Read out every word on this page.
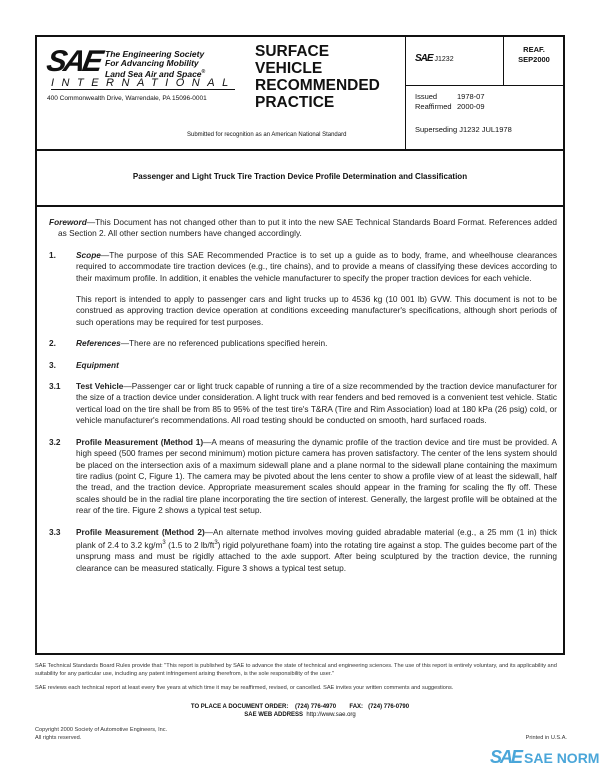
SAE The Engineering Society
For Advancing Mobility
Land Sea Air and Space®
INTERNATIONAL
400 Commonwealth Drive, Warrendale, PA 15096-0001
SURFACE
VEHICLE
RECOMMENDED
PRACTICE
Submitted for recognition as an American National Standard
SAE J1232
REAF.
SEP2000
Issued	1978-07
Reaffirmed 2000-09
Superseding J1232 JUL1978
Passenger and Light Truck Tire Traction Device Profile Determination and Classification

Foreword—This Document has not changed other than to put it into the new SAE Technical Standards Board Format. References added as Section 2. All other section numbers have changed accordingly.

1.	Scope—The purpose of this SAE Recommended Practice is to set up a guide as to body, frame, and wheelhouse clearances required to accommodate tire traction devices (e.g., tire chains), and to provide a means of classifying these devices according to their maximum profile. In addition, it enables the vehicle manufacturer to specify the proper traction devices for each vehicle.

This report is intended to apply to passenger cars and light trucks up to 4536 kg (10 001 lb) GVW. This document is not to be construed as approving traction device operation at conditions exceeding manufacturer's specifications, although short periods of such operations may be required for test purposes.

2.	References—There are no referenced publications specified herein.
3.	Equipment
3.1	Test Vehicle—Passenger car or light truck capable of running a tire of a size recommended by the traction device manufacturer for the size of a traction device under consideration. A light truck with rear fenders and bed removed is a convenient test vehicle. Static vertical load on the tire shall be from 85 to 95% of the test tire's T&RA (Tire and Rim Association) load at 180 kPa (26 psig) cold, or vehicle manufacturer's recommendations. All road testing should be conducted on smooth, hard surfaced roads.
3.2	Profile Measurement (Method 1)—A means of measuring the dynamic profile of the traction device and tire must be provided. A high speed (500 frames per second minimum) motion picture camera has proven satisfactory. The center of the lens system should be placed on the intersection axis of a maximum sidewall plane and a plane normal to the sidewall plane containing the maximum tire radius (point C, Figure 1). The camera may be pivoted about the lens center to show a profile view of at least the sidewall, half the tread, and the traction device. Appropriate measurement scales should appear in the framing for scaling the fly off. These scales should be in the radial tire plane incorporating the tire section of interest. Generally, the largest profile will be obtained at the rear of the tire. Figure 2 shows a typical test setup.
3.3	Profile Measurement (Method 2)—An alternate method involves moving guided abradable material (e.g., a 25 mm (1 in) thick plank of 2.4 to 3.2 $kg/m^3$ (1.5 to 2 $lb/ft^3$) rigid polyurethane foam) into the rotating tire against a stop. The guides become part of the unsprung mass and must be rigidly attached to the axle support. After being sculptured by the traction device, the running clearance can be measured statically. Figure 3 shows a typical test setup.
SAE Technical Standards Board Rules provide that: "This report is published by SAE to advance the state of technical and engineering sciences. The use of this report is entirely voluntary, and its applicability and suitability for any particular use, including any patent infringement arising therefrom, is the sole responsibility of the user."
SAE reviews each technical report at least every five years at which time it may be reaffirmed, revised, or cancelled. SAE invites your written comments and suggestions.
TO PLACE A DOCUMENT ORDER: (724) 776-4970 FAX: (724) 776-0790
SAE WEB ADDRESS http://www.sae.org
Copyright 2000 Society of Automotive Engineers, Inc.
All rights reserved.	Printed in U.S.A.
SAE SAE NORM
